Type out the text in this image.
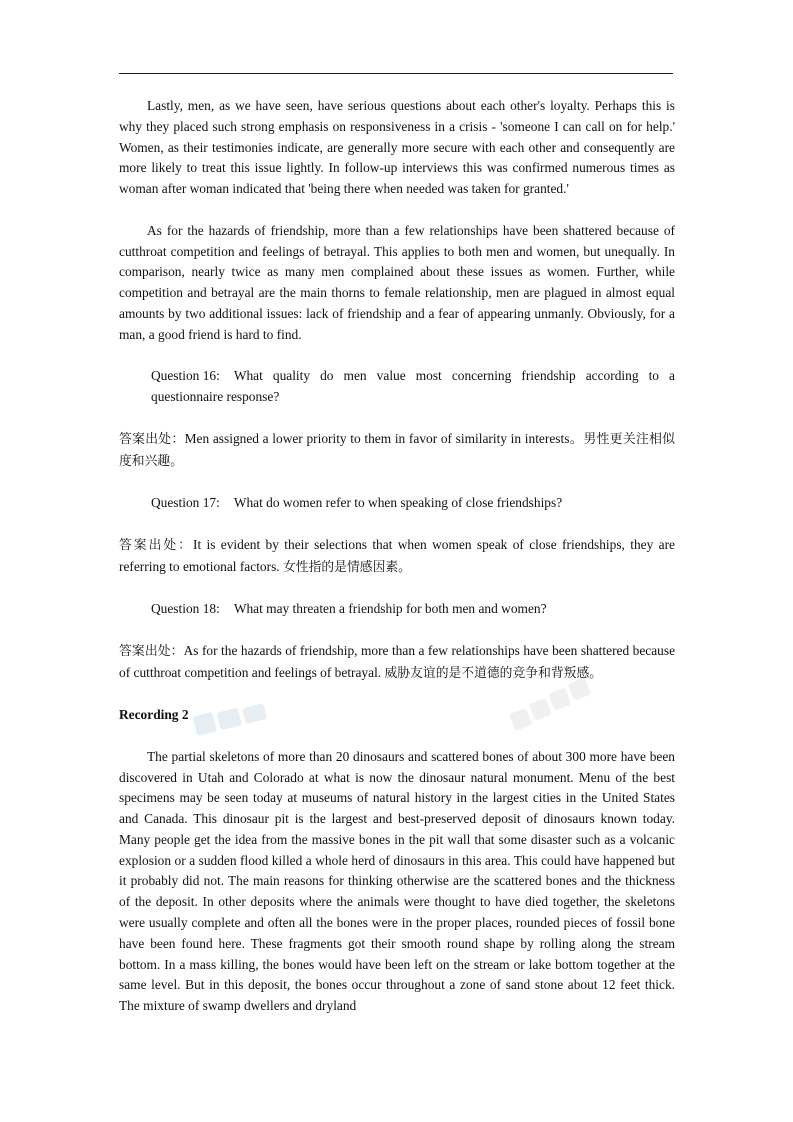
Lastly, men, as we have seen, have serious questions about each other's loyalty. Perhaps this is why they placed such strong emphasis on responsiveness in a crisis - 'someone I can call on for help.' Women, as their testimonies indicate, are generally more secure with each other and consequently are more likely to treat this issue lightly. In follow-up interviews this was confirmed numerous times as woman after woman indicated that 'being there when needed was taken for granted.'

As for the hazards of friendship, more than a few relationships have been shattered because of cutthroat competition and feelings of betrayal. This applies to both men and women, but unequally. In comparison, nearly twice as many men complained about these issues as women. Further, while competition and betrayal are the main thorns to female relationship, men are plagued in almost equal amounts by two additional issues: lack of friendship and a fear of appearing unmanly. Obviously, for a man, a good friend is hard to find.

Question 16: What quality do men value most concerning friendship according to a questionnaire response?

答案出处：Men assigned a lower priority to them in favor of similarity in interests。男性更关注相似度和兴趣。

Question 17: What do women refer to when speaking of close friendships?

答案出处：It is evident by their selections that when women speak of close friendships, they are referring to emotional factors. 女性指的是情感因素。

Question 18: What may threaten a friendship for both men and women?

答案出处：As for the hazards of friendship, more than a few relationships have been shattered because of cutthroat competition and feelings of betrayal. 威胁友谊的是不道德的竞争和背叛感。

Recording 2

The partial skeletons of more than 20 dinosaurs and scattered bones of about 300 more have been discovered in Utah and Colorado at what is now the dinosaur natural monument. Menu of the best specimens may be seen today at museums of natural history in the largest cities in the United States and Canada. This dinosaur pit is the largest and best-preserved deposit of dinosaurs known today. Many people get the idea from the massive bones in the pit wall that some disaster such as a volcanic explosion or a sudden flood killed a whole herd of dinosaurs in this area. This could have happened but it probably did not. The main reasons for thinking otherwise are the scattered bones and the thickness of the deposit. In other deposits where the animals were thought to have died together, the skeletons were usually complete and often all the bones were in the proper places, rounded pieces of fossil bone have been found here. These fragments got their smooth round shape by rolling along the stream bottom. In a mass killing, the bones would have been left on the stream or lake bottom together at the same level. But in this deposit, the bones occur throughout a zone of sand stone about 12 feet thick. The mixture of swamp dwellers and dryland
